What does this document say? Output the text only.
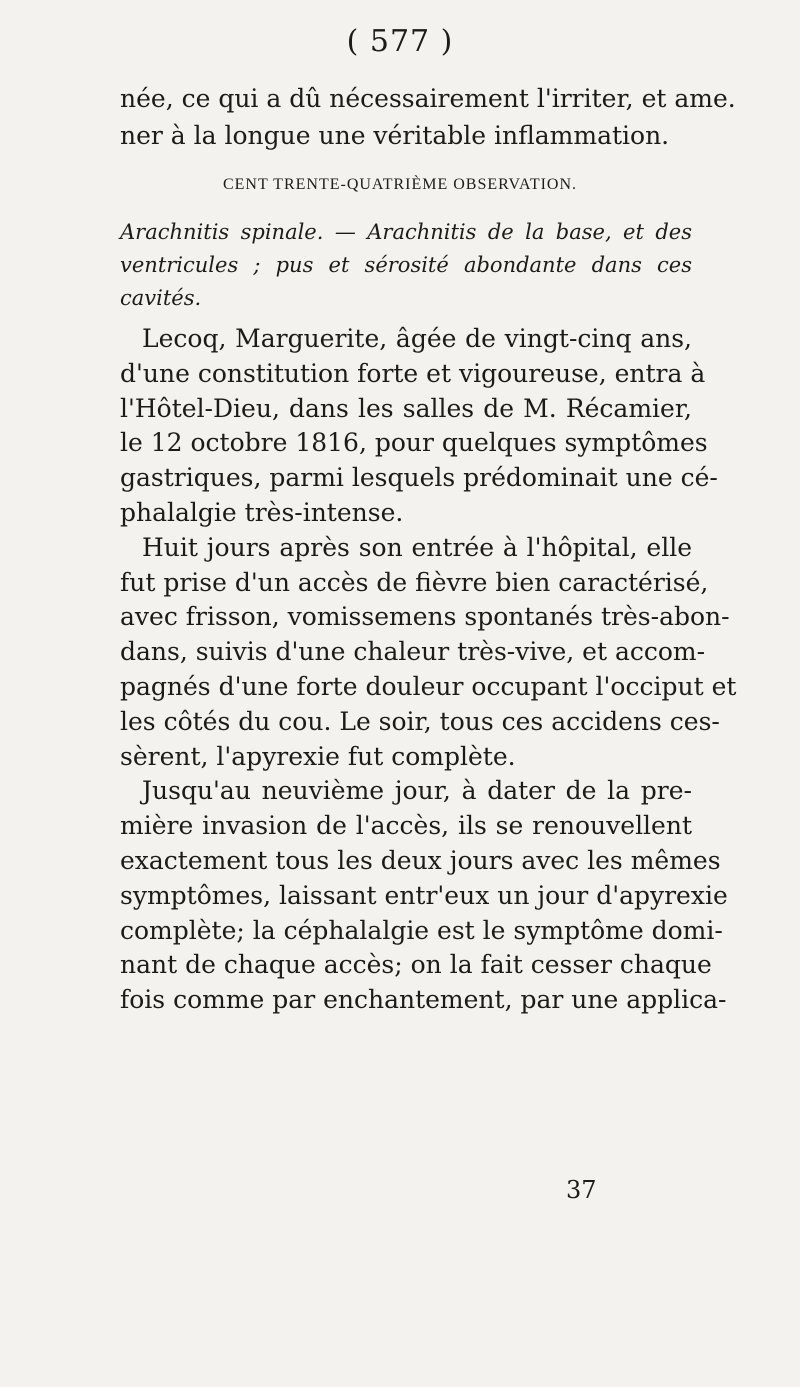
( 577 )
née, ce qui a dû nécessairement l'irriter, et ame.
ner à la longue une véritable inflammation.
CENT TRENTE-QUATRIÈME OBSERVATION.
Arachnitis spinale. — Arachnitis de la base, et des
ventricules ; pus et sérosité abondante dans ces
cavités.
Lecoq, Marguerite, âgée de vingt-cinq ans,
d'une constitution forte et vigoureuse, entra à
l'Hôtel-Dieu, dans les salles de M. Récamier,
le 12 octobre 1816, pour quelques symptômes
gastriques, parmi lesquels prédominait une cé-
phalalgie très-intense.
Huit jours après son entrée à l'hôpital, elle
fut prise d'un accès de fièvre bien caractérisé,
avec frisson, vomissemens spontanés très-abon-
dans, suivis d'une chaleur très-vive, et accom-
pagnés d'une forte douleur occupant l'occiput et
les côtés du cou. Le soir, tous ces accidens ces-
sèrent, l'apyrexie fut complète.
Jusqu'au neuvième jour, à dater de la pre-
mière invasion de l'accès, ils se renouvellent
exactement tous les deux jours avec les mêmes
symptômes, laissant entr'eux un jour d'apyrexie
complète; la céphalalgie est le symptôme domi-
nant de chaque accès; on la fait cesser chaque
fois comme par enchantement, par une applica-
37
